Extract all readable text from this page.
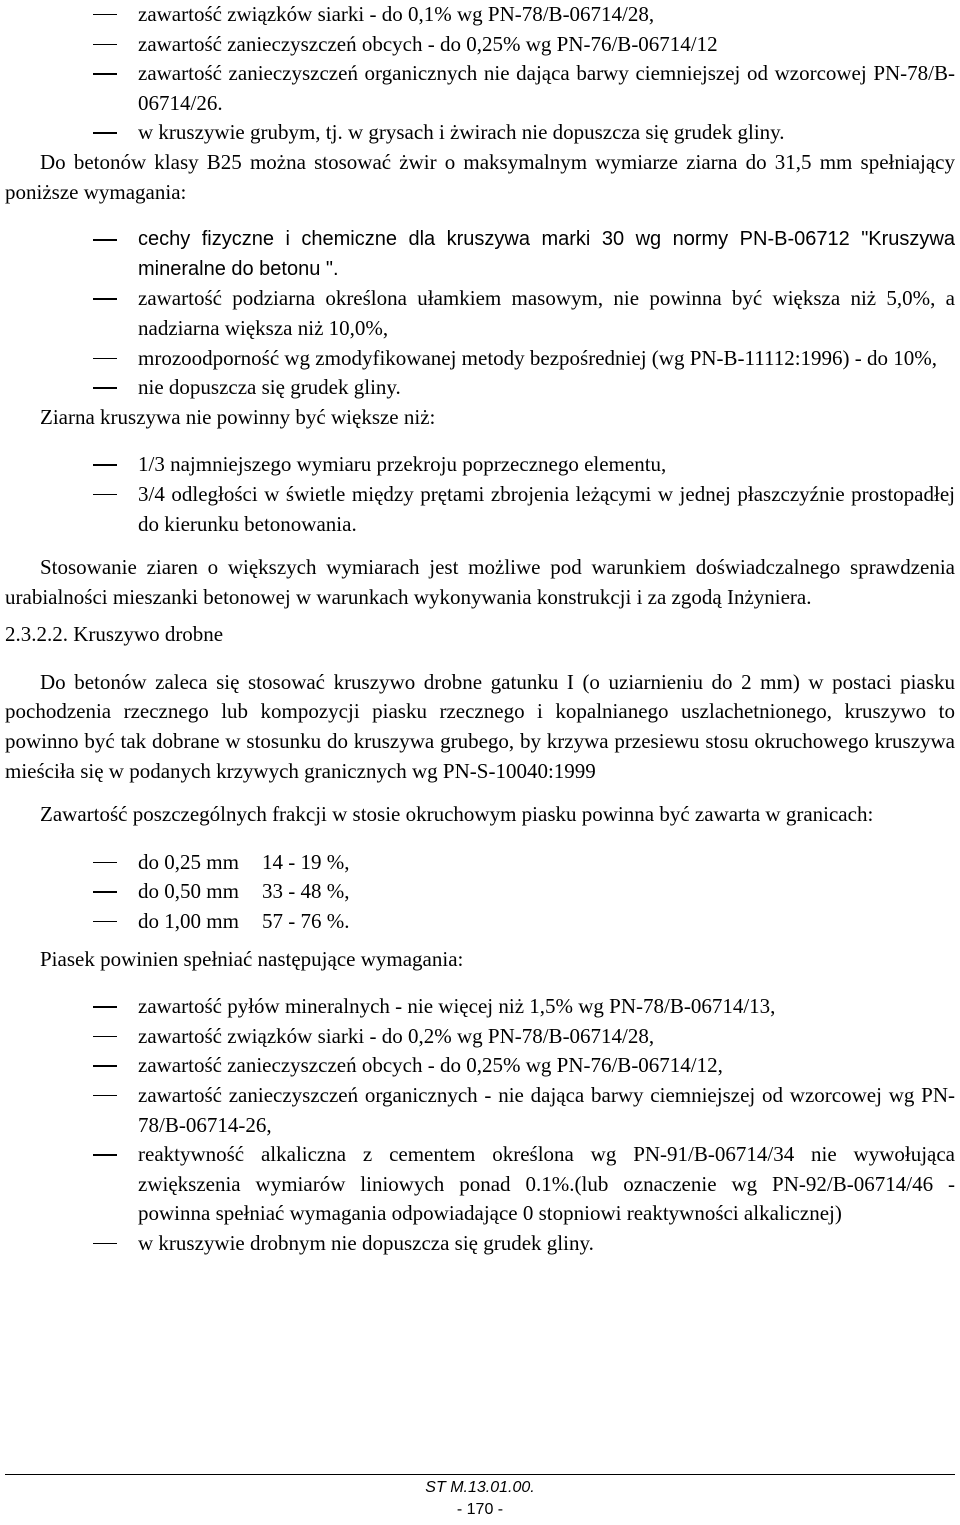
zawartość związków siarki - do 0,1% wg PN-78/B-06714/28,
zawartość zanieczyszczeń obcych - do 0,25% wg PN-76/B-06714/12
zawartość zanieczyszczeń organicznych nie dająca barwy ciemniejszej od wzorcowej PN-78/B-06714/26.
w kruszywie grubym, tj. w grysach i żwirach nie dopuszcza się grudek gliny.

Do betonów klasy B25 można stosować żwir o maksymalnym wymiarze ziarna do 31,5 mm spełniający poniższe wymagania:

cechy fizyczne i chemiczne dla kruszywa marki 30 wg normy PN-B-06712 "Kruszywa mineralne do betonu ".
zawartość podziarna określona ułamkiem masowym, nie powinna być większa niż 5,0%, a nadziarna większa niż 10,0%,
mrozoodporność wg zmodyfikowanej metody bezpośredniej (wg PN-B-11112:1996) - do 10%,
nie dopuszcza się grudek gliny.

Ziarna kruszywa nie powinny być większe niż:

1/3 najmniejszego wymiaru przekroju poprzecznego elementu,
3/4 odległości w świetle między prętami zbrojenia leżącymi w jednej płaszczyźnie prostopadłej do kierunku betonowania.

Stosowanie ziaren o większych wymiarach jest możliwe pod warunkiem doświadczalnego sprawdzenia urabialności mieszanki betonowej w warunkach wykonywania konstrukcji i za zgodą Inżyniera.

2.3.2.2. Kruszywo drobne

Do betonów zaleca się stosować kruszywo drobne gatunku I (o uziarnieniu do 2 mm) w postaci piasku pochodzenia rzecznego lub kompozycji piasku rzecznego i kopalnianego uszlachetnionego, kruszywo to powinno być tak dobrane w stosunku do kruszywa grubego, by krzywa przesiewu stosu okruchowego kruszywa mieściła się w podanych krzywych granicznych wg PN-S-10040:1999

Zawartość poszczególnych frakcji w stosie okruchowym piasku powinna być zawarta w granicach:

do 0,25 mm 14 - 19 %,
do 0,50 mm 33 - 48 %,
do 1,00 mm 57 - 76 %.

Piasek powinien spełniać następujące wymagania:

zawartość pyłów mineralnych - nie więcej niż 1,5% wg PN-78/B-06714/13,
zawartość związków siarki - do 0,2% wg PN-78/B-06714/28,
zawartość zanieczyszczeń obcych - do 0,25% wg PN-76/B-06714/12,
zawartość zanieczyszczeń organicznych - nie dająca barwy ciemniejszej od wzorcowej wg PN-78/B-06714-26,
reaktywność alkaliczna z cementem określona wg PN-91/B-06714/34 nie wywołująca zwiększenia wymiarów liniowych ponad 0.1%.(lub oznaczenie wg PN-92/B-06714/46 - powinna spełniać wymagania odpowiadające 0 stopniowi reaktywności alkalicznej)
w kruszywie drobnym nie dopuszcza się grudek gliny.
ST M.13.01.00.
- 170 -
